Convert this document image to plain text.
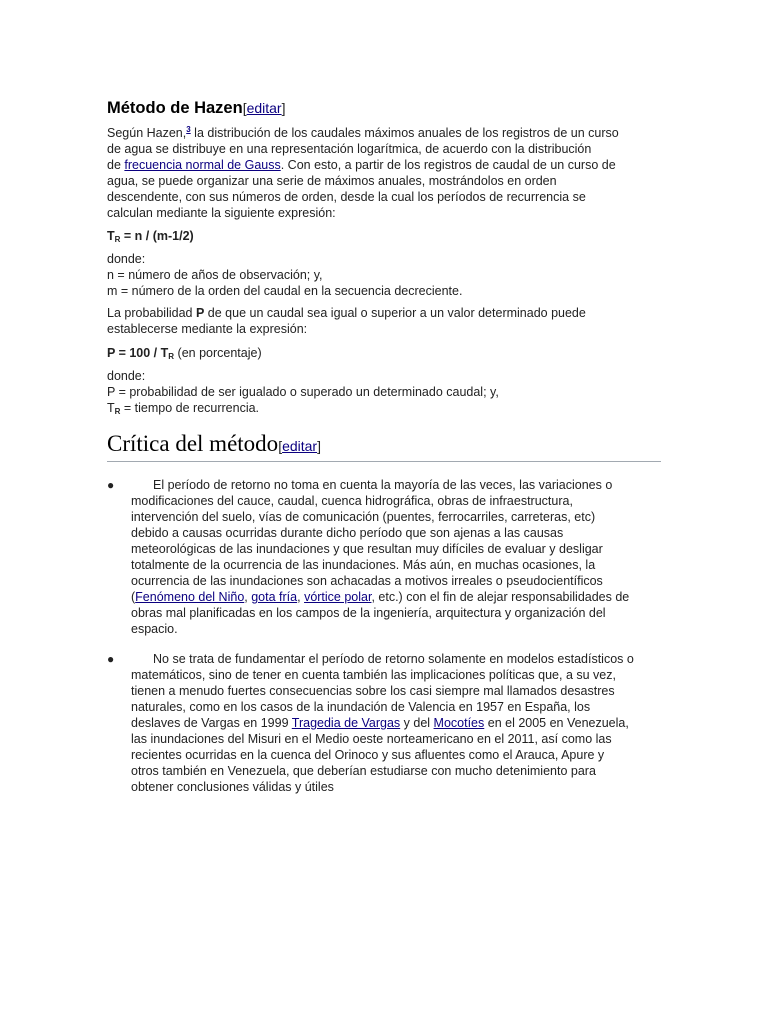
Método de Hazen[editar]

Según Hazen,$^3$ la distribución de los caudales máximos anuales de los registros de un curso
de agua se distribuye en una representación logarítmica, de acuerdo con la distribución
de frecuencia normal de Gauss. Con esto, a partir de los registros de caudal de un curso de
agua, se puede organizar una serie de máximos anuales, mostrándolos en orden
descendente, con sus números de orden, desde la cual los períodos de recurrencia se
calculan mediante la siguiente expresión:

$T_R = n / (m-1/2)$

donde:
n = número de años de observación; y,
m = número de la orden del caudal en la secuencia decreciente.

La probabilidad P de que un caudal sea igual o superior a un valor determinado puede
establecerse mediante la expresión:

$P = 100 / T_R$ (en porcentaje)

donde:
P = probabilidad de ser igualado o superado un determinado caudal; y,
$T_R$ = tiempo de recurrencia.

Crítica del método[editar]
●	El período de retorno no toma en cuenta la mayoría de las veces, las variaciones o
modificaciones del cauce, caudal, cuenca hidrográfica, obras de infraestructura,
intervención del suelo, vías de comunicación (puentes, ferrocarriles, carreteras, etc)
debido a causas ocurridas durante dicho período que son ajenas a las causas
meteorológicas de las inundaciones y que resultan muy difíciles de evaluar y desligar
totalmente de la ocurrencia de las inundaciones. Más aún, en muchas ocasiones, la
ocurrencia de las inundaciones son achacadas a motivos irreales o pseudocientíficos
(Fenómeno del Niño, gota fría, vórtice polar, etc.) con el fin de alejar responsabilidades de
obras mal planificadas en los campos de la ingeniería, arquitectura y organización del
espacio.
●	No se trata de fundamentar el período de retorno solamente en modelos estadísticos o
matemáticos, sino de tener en cuenta también las implicaciones políticas que, a su vez,
tienen a menudo fuertes consecuencias sobre los casi siempre mal llamados desastres
naturales, como en los casos de la inundación de Valencia en 1957 en España, los
deslaves de Vargas en 1999 Tragedia de Vargas y del Mocotíes en el 2005 en Venezuela,
las inundaciones del Misuri en el Medio oeste norteamericano en el 2011, así como las
recientes ocurridas en la cuenca del Orinoco y sus afluentes como el Arauca, Apure y
otros también en Venezuela, que deberían estudiarse con mucho detenimiento para
obtener conclusiones válidas y útiles
